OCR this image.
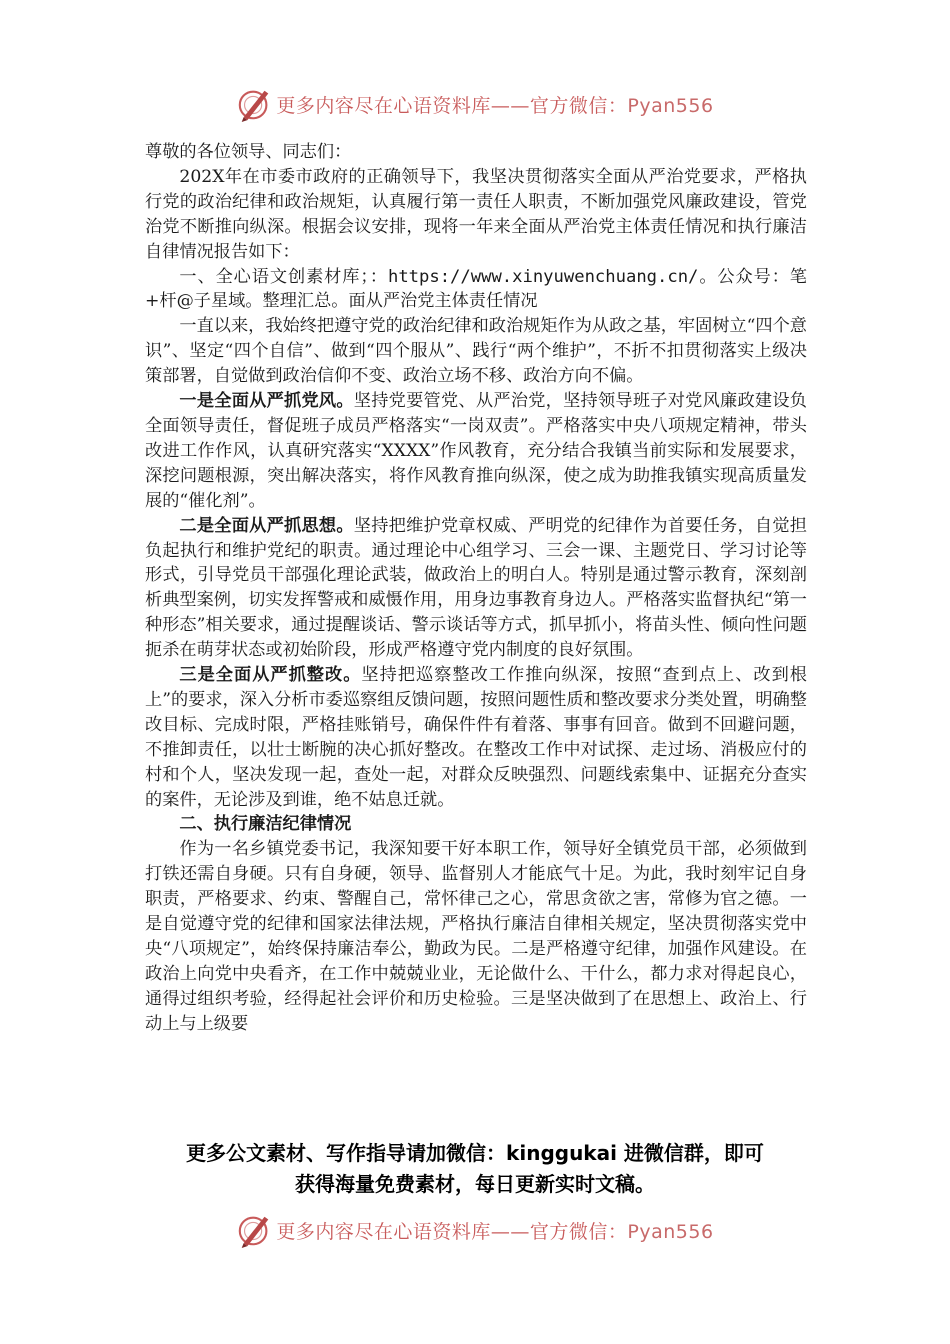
更多内容尽在心语资料库——官方微信：Pyan556

尊敬的各位领导、同志们：

202X年在市委市政府的正确领导下，我坚决贯彻落实全面从严治党要求，严格执行党的政治纪律和政治规矩，认真履行第一责任人职责，不断加强党风廉政建设，管党治党不断推向纵深。根据会议安排，现将一年来全面从严治党主体责任情况和执行廉洁自律情况报告如下：

一、全心语文创素材库；：https://www.xinyuwenchuang.cn/。公众号：笔+杆@子星域。整理汇总。面从严治党主体责任情况

一直以来，我始终把遵守党的政治纪律和政治规矩作为从政之基，牢固树立“四个意识”、坚定“四个自信”、做到“四个服从”、践行“两个维护”，不折不扣贯彻落实上级决策部署，自觉做到政治信仰不变、政治立场不移、政治方向不偏。

一是全面从严抓党风。坚持党要管党、从严治党，坚持领导班子对党风廉政建设负全面领导责任，督促班子成员严格落实“一岗双责”。严格落实中央八项规定精神，带头改进工作作风，认真研究落实“XXXX”作风教育，充分结合我镇当前实际和发展要求，深挖问题根源，突出解决落实，将作风教育推向纵深，使之成为助推我镇实现高质量发展的“催化剂”。

二是全面从严抓思想。坚持把维护党章权威、严明党的纪律作为首要任务，自觉担负起执行和维护党纪的职责。通过理论中心组学习、三会一课、主题党日、学习讨论等形式，引导党员干部强化理论武装，做政治上的明白人。特别是通过警示教育，深刻剖析典型案例，切实发挥警戒和威慑作用，用身边事教育身边人。严格落实监督执纪“第一种形态”相关要求，通过提醒谈话、警示谈话等方式，抓早抓小，将苗头性、倾向性问题扼杀在萌芽状态或初始阶段，形成严格遵守党内制度的良好氛围。

三是全面从严抓整改。坚持把巡察整改工作推向纵深，按照“查到点上、改到根上”的要求，深入分析市委巡察组反馈问题，按照问题性质和整改要求分类处置，明确整改目标、完成时限，严格挂账销号，确保件件有着落、事事有回音。做到不回避问题，不推卸责任，以壮士断腕的决心抓好整改。在整改工作中对试探、走过场、消极应付的村和个人，坚决发现一起，查处一起，对群众反映强烈、问题线索集中、证据充分查实的案件，无论涉及到谁，绝不姑息迁就。

二、执行廉洁纪律情况

作为一名乡镇党委书记，我深知要干好本职工作，领导好全镇党员干部，必须做到打铁还需自身硬。只有自身硬，领导、监督别人才能底气十足。为此，我时刻牢记自身职责，严格要求、约束、警醒自己，常怀律己之心，常思贪欲之害，常修为官之德。一是自觉遵守党的纪律和国家法律法规，严格执行廉洁自律相关规定，坚决贯彻落实党中央“八项规定”，始终保持廉洁奉公，勤政为民。二是严格遵守纪律，加强作风建设。在政治上向党中央看齐，在工作中兢兢业业，无论做什么、干什么，都力求对得起良心，通得过组织考验，经得起社会评价和历史检验。三是坚决做到了在思想上、政治上、行动上与上级要

更多公文素材、写作指导请加微信：kinggukai 进微信群，即可
获得海量免费素材，每日更新实时文稿。
更多内容尽在心语资料库——官方微信：Pyan556
